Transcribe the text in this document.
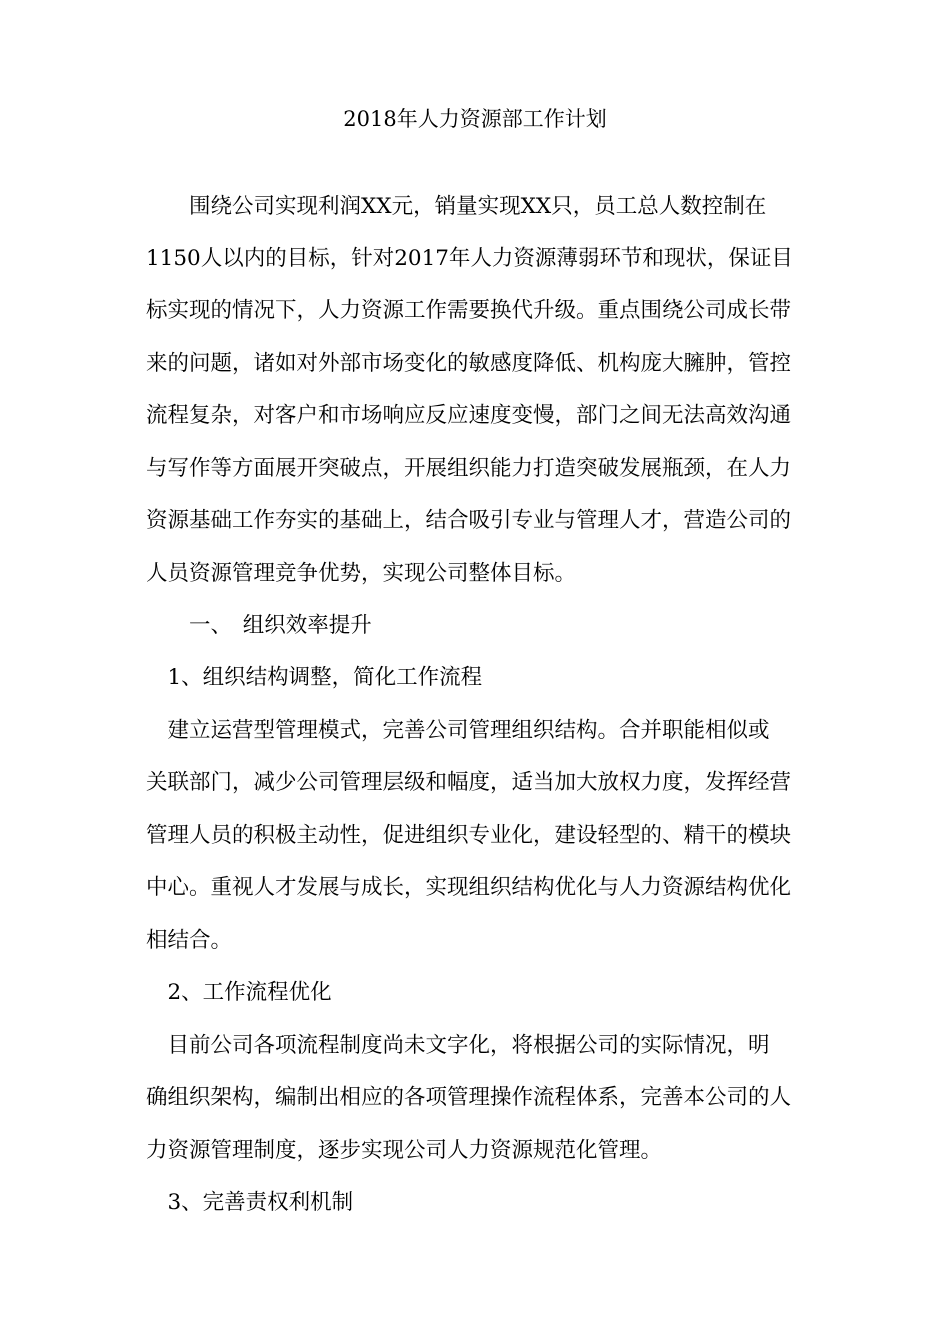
2018年人力资源部工作计划
　　围绕公司实现利润XX元，销量实现XX只，员工总人数控制在
1150人以内的目标，针对2017年人力资源薄弱环节和现状，保证目
标实现的情况下，人力资源工作需要换代升级。重点围绕公司成长带
来的问题，诸如对外部市场变化的敏感度降低、机构庞大臃肿，管控
流程复杂，对客户和市场响应反应速度变慢，部门之间无法高效沟通
与写作等方面展开突破点，开展组织能力打造突破发展瓶颈，在人力
资源基础工作夯实的基础上，结合吸引专业与管理人才，营造公司的
人员资源管理竞争优势，实现公司整体目标。
　　一、　组织效率提升
　1、组织结构调整，简化工作流程
　建立运营型管理模式，完善公司管理组织结构。合并职能相似或
关联部门，减少公司管理层级和幅度，适当加大放权力度，发挥经营
管理人员的积极主动性，促进组织专业化，建设轻型的、精干的模块
中心。重视人才发展与成长，实现组织结构优化与人力资源结构优化
相结合。
　2、工作流程优化
　目前公司各项流程制度尚未文字化，将根据公司的实际情况，明
确组织架构，编制出相应的各项管理操作流程体系，完善本公司的人
力资源管理制度，逐步实现公司人力资源规范化管理。
　3、完善责权利机制
